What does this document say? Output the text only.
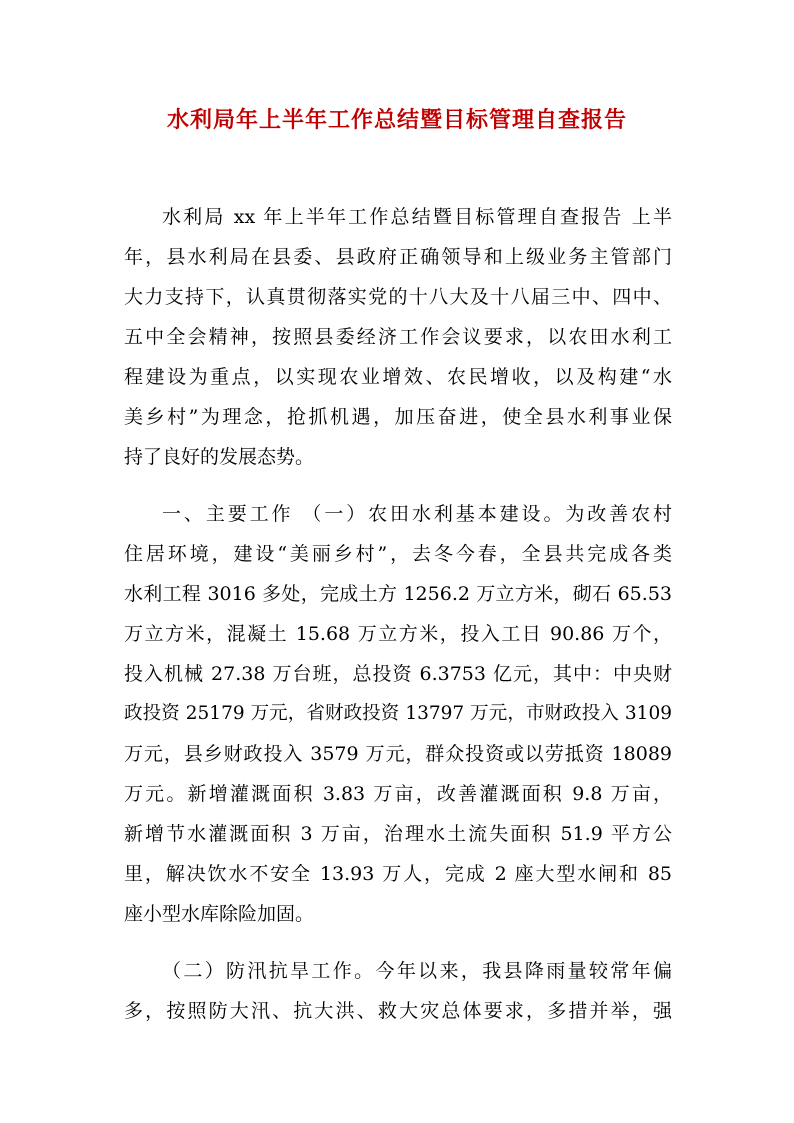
水利局年上半年工作总结暨目标管理自查报告
水利局 xx 年上半年工作总结暨目标管理自查报告 上半
年，县水利局在县委、县政府正确领导和上级业务主管部门
大力支持下，认真贯彻落实党的十八大及十八届三中、四中、
五中全会精神，按照县委经济工作会议要求，以农田水利工
程建设为重点，以实现农业增效、农民增收，以及构建“水
美乡村”为理念，抢抓机遇，加压奋进，使全县水利事业保
持了良好的发展态势。
一、主要工作 （一）农田水利基本建设。为改善农村
住居环境，建设“美丽乡村”，去冬今春，全县共完成各类
水利工程 3016 多处，完成土方 1256.2 万立方米，砌石 65.53
万立方米，混凝土 15.68 万立方米，投入工日 90.86 万个，
投入机械 27.38 万台班，总投资 6.3753 亿元，其中：中央财
政投资 25179 万元，省财政投资 13797 万元，市财政投入 3109
万元，县乡财政投入 3579 万元，群众投资或以劳抵资 18089
万元。新增灌溉面积 3.83 万亩，改善灌溉面积 9.8 万亩，
新增节水灌溉面积 3 万亩，治理水土流失面积 51.9 平方公
里，解决饮水不安全 13.93 万人，完成 2 座大型水闸和 85
座小型水库除险加固。
（二）防汛抗旱工作。今年以来，我县降雨量较常年偏
多，按照防大汛、抗大洪、救大灾总体要求，多措并举，强
